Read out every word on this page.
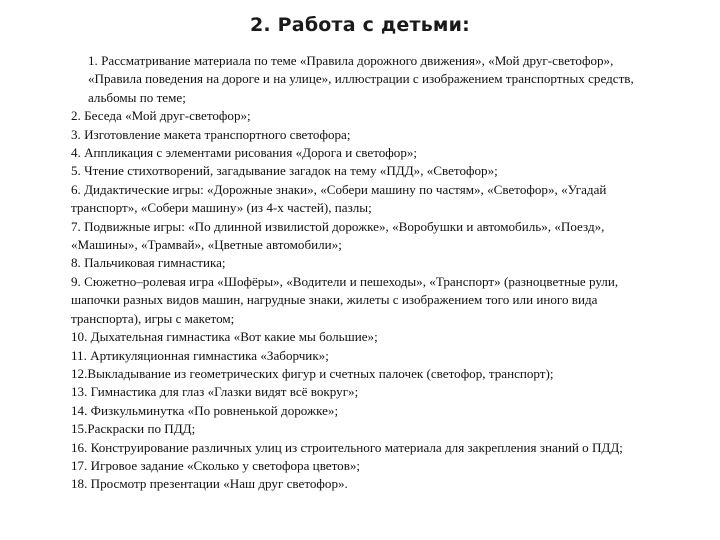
2. Работа с детьми:

1. Рассматривание материала по теме «Правила дорожного движения», «Мой друг-светофор», «Правила поведения на дороге и на улице», иллюстрации с изображением транспортных средств, альбомы по теме;

2. Беседа «Мой друг-светофор»;

3. Изготовление макета транспортного светофора;

4. Аппликация с элементами рисования «Дорога и светофор»;

5. Чтение стихотворений, загадывание загадок на тему «ПДД», «Светофор»;

6. Дидактические игры: «Дорожные знаки», «Собери машину по частям», «Светофор», «Угадай транспорт», «Собери машину» (из 4-х частей), пазлы;

7. Подвижные игры: «По длинной извилистой дорожке», «Воробушки и автомобиль», «Поезд», «Машины», «Трамвай», «Цветные автомобили»;

8. Пальчиковая гимнастика;

9. Сюжетно–ролевая игра «Шофёры», «Водители и пешеходы», «Транспорт» (разноцветные рули, шапочки разных видов машин, нагрудные знаки, жилеты с изображением того или иного вида транспорта), игры с макетом;

10. Дыхательная гимнастика «Вот какие мы большие»;

11. Артикуляционная гимнастика «Заборчик»;

12.Выкладывание из геометрических фигур и счетных палочек (светофор, транспорт);

13. Гимнастика для глаз «Глазки видят всё вокруг»;

14. Физкульминутка «По ровненькой дорожке»;

15.Раскраски по ПДД;

16. Конструирование различных улиц из строительного материала для закрепления знаний о ПДД;

17. Игровое задание «Сколько у светофора цветов»;

18. Просмотр презентации «Наш друг светофор».
